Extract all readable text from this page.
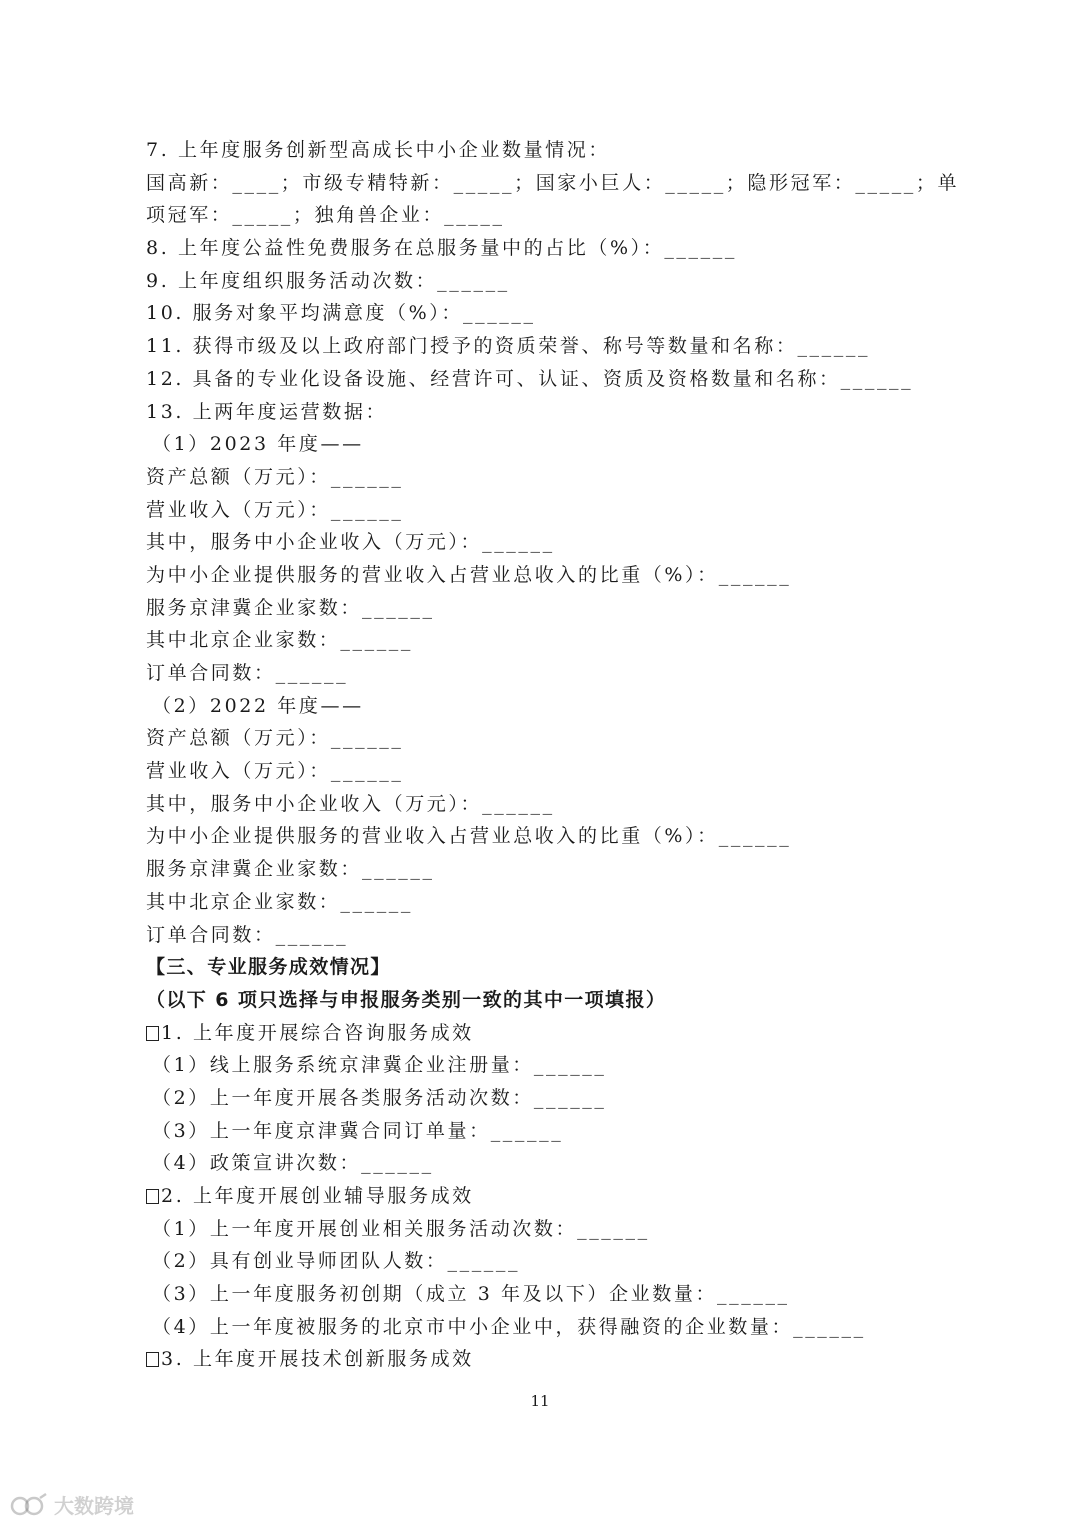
7. 上年度服务创新型高成长中小企业数量情况：
国高新：____；市级专精特新：_____；国家小巨人：_____；隐形冠军：_____；单
项冠军：_____；独角兽企业：_____
8. 上年度公益性免费服务在总服务量中的占比（%）：______
9. 上年度组织服务活动次数：______
10. 服务对象平均满意度（%）：______
11. 获得市级及以上政府部门授予的资质荣誉、称号等数量和名称：______
12. 具备的专业化设备设施、经营许可、认证、资质及资格数量和名称：______
13. 上两年度运营数据：
（1）2023 年度——
资产总额（万元）：______
营业收入（万元）：______
其中，服务中小企业收入（万元）：______
为中小企业提供服务的营业收入占营业总收入的比重（%）：______
服务京津冀企业家数：______
其中北京企业家数：______
订单合同数：______
（2）2022 年度——
资产总额（万元）：______
营业收入（万元）：______
其中，服务中小企业收入（万元）：______
为中小企业提供服务的营业收入占营业总收入的比重（%）：______
服务京津冀企业家数：______
其中北京企业家数：______
订单合同数：______
【三、专业服务成效情况】
（以下 6 项只选择与申报服务类别一致的其中一项填报）
1. 上年度开展综合咨询服务成效
（1）线上服务系统京津冀企业注册量：______
（2）上一年度开展各类服务活动次数：______
（3）上一年度京津冀合同订单量：______
（4）政策宣讲次数：______
2. 上年度开展创业辅导服务成效
（1）上一年度开展创业相关服务活动次数：______
（2）具有创业导师团队人数：______
（3）上一年度服务初创期（成立 3 年及以下）企业数量：______
（4）上一年度被服务的北京市中小企业中，获得融资的企业数量：______
3. 上年度开展技术创新服务成效
11
大数跨境
